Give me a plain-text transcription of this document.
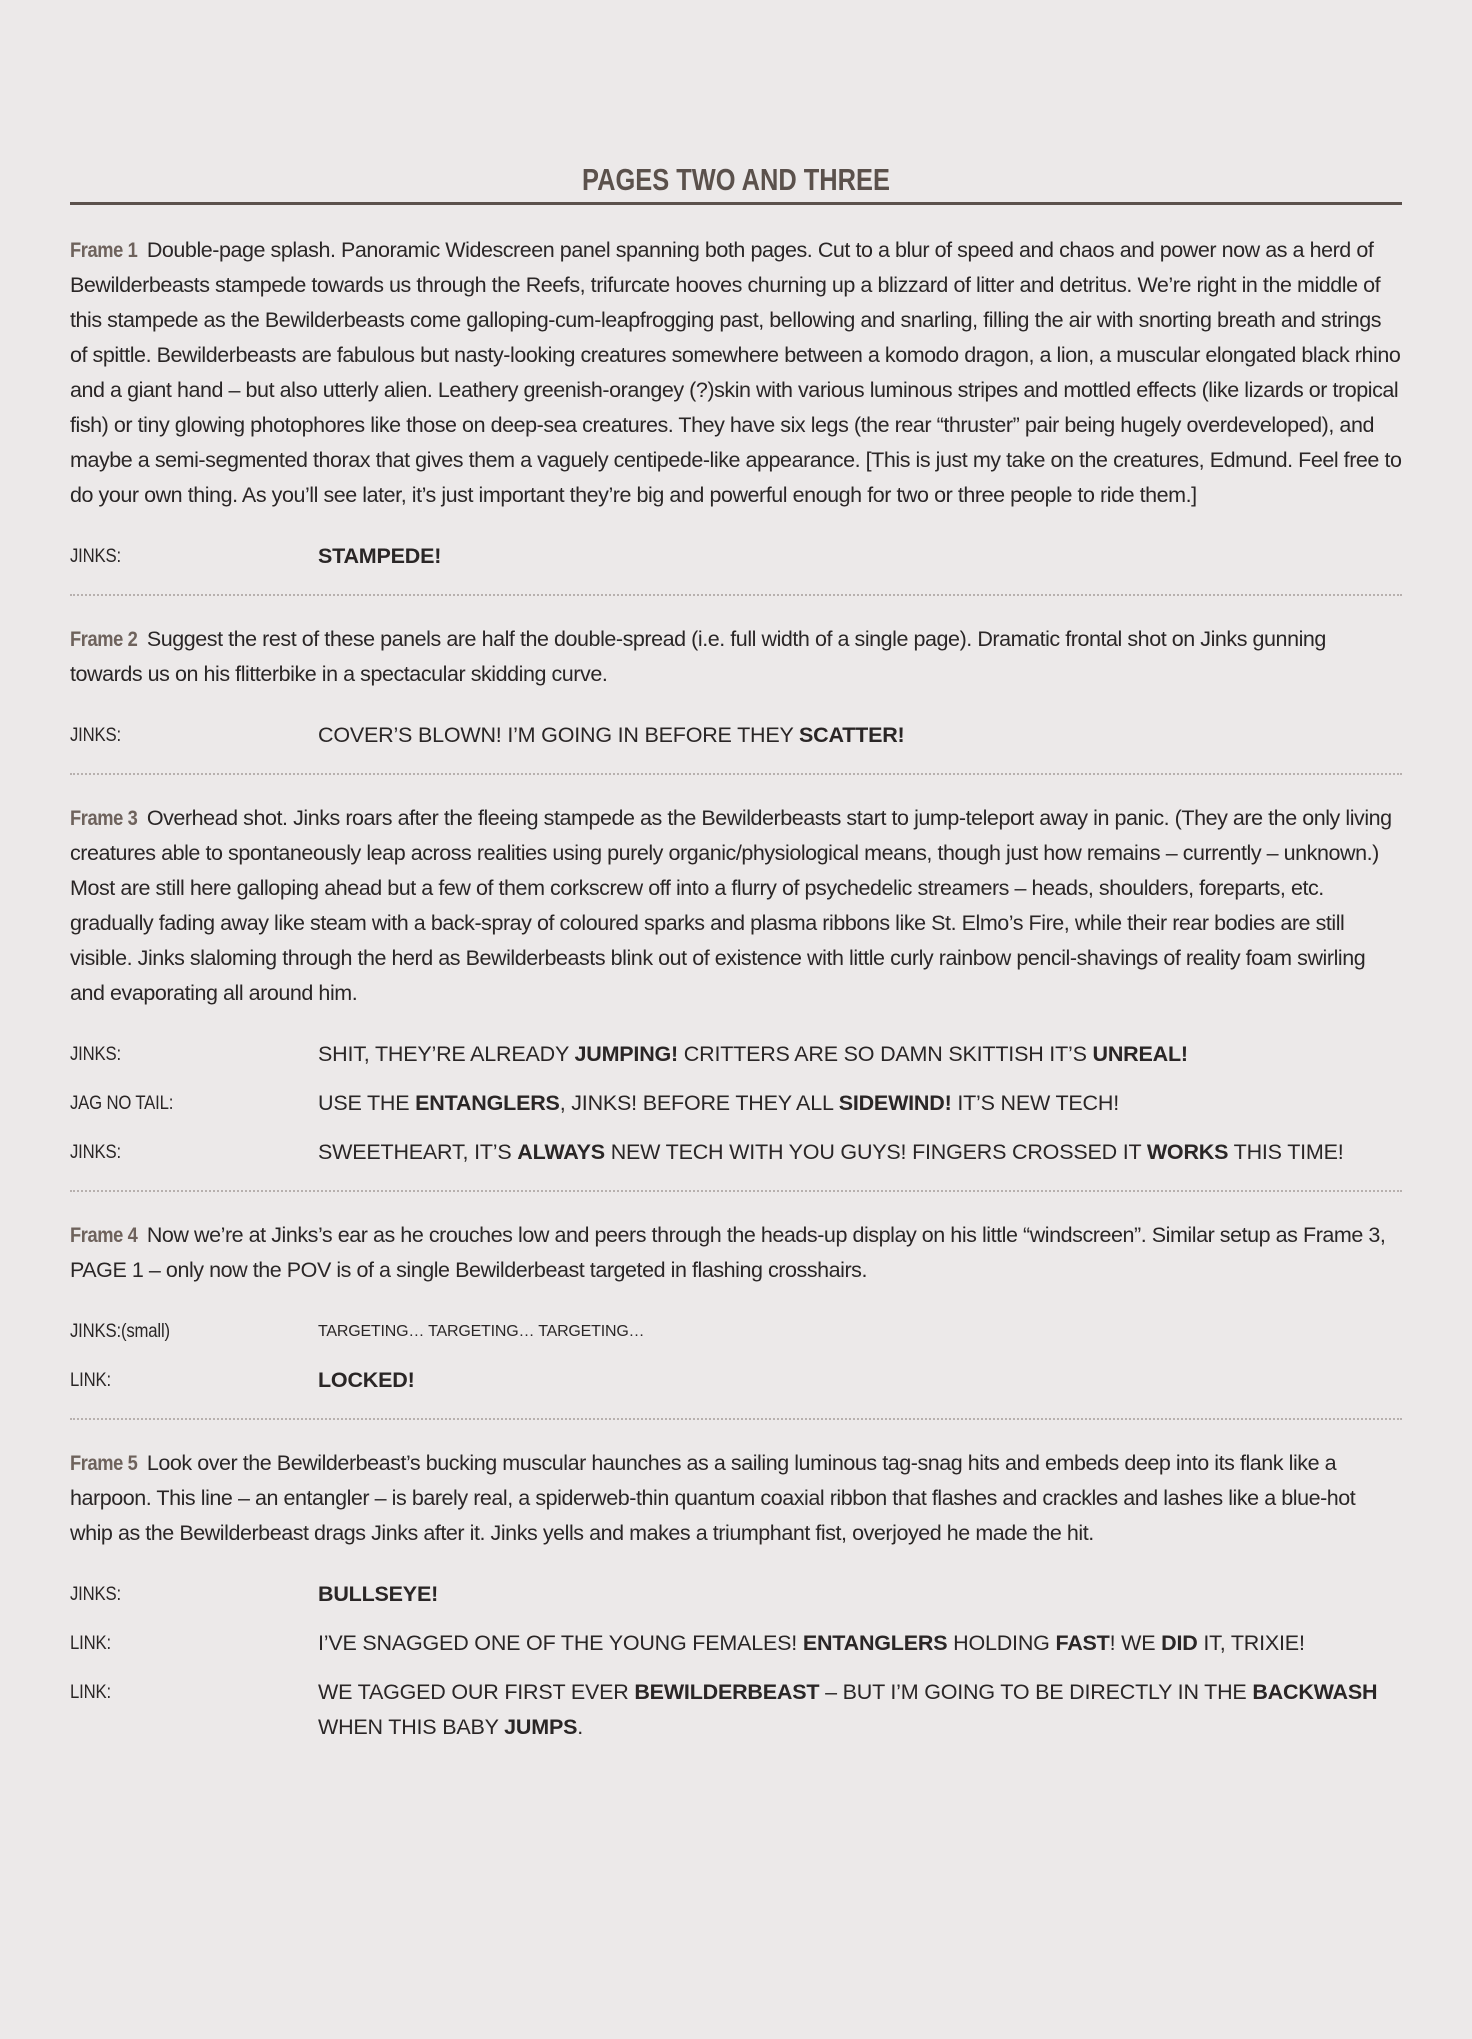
PAGES TWO AND THREE

Frame 1 Double-page splash. Panoramic Widescreen panel spanning both pages. Cut to a blur of speed and chaos and power now as a herd of Bewilderbeasts stampede towards us through the Reefs, trifurcate hooves churning up a blizzard of litter and detritus. We’re right in the middle of this stampede as the Bewilderbeasts come galloping-cum-leapfrogging past, bellowing and snarling, filling the air with snorting breath and strings of spittle. Bewilderbeasts are fabulous but nasty-looking creatures somewhere between a komodo dragon, a lion, a muscular elongated black rhino and a giant hand – but also utterly alien. Leathery greenish-orangey (?)skin with various luminous stripes and mottled effects (like lizards or tropical fish) or tiny glowing photophores like those on deep-sea creatures. They have six legs (the rear “thruster” pair being hugely overdeveloped), and maybe a semi-segmented thorax that gives them a vaguely centipede-like appearance. [This is just my take on the creatures, Edmund. Feel free to do your own thing. As you’ll see later, it’s just important they’re big and powerful enough for two or three people to ride them.]

JINKS:	STAMPEDE!

Frame 2 Suggest the rest of these panels are half the double-spread (i.e. full width of a single page). Dramatic frontal shot on Jinks gunning towards us on his flitterbike in a spectacular skidding curve.

JINKS:	COVER’S BLOWN! I’M GOING IN BEFORE THEY SCATTER!

Frame 3 Overhead shot. Jinks roars after the fleeing stampede as the Bewilderbeasts start to jump-teleport away in panic. (They are the only living creatures able to spontaneously leap across realities using purely organic/physiological means, though just how remains – currently – unknown.) Most are still here galloping ahead but a few of them corkscrew off into a flurry of psychedelic streamers – heads, shoulders, foreparts, etc. gradually fading away like steam with a back-spray of coloured sparks and plasma ribbons like St. Elmo’s Fire, while their rear bodies are still visible. Jinks slaloming through the herd as Bewilderbeasts blink out of existence with little curly rainbow pencil-shavings of reality foam swirling and evaporating all around him.

JINKS:	SHIT, THEY’RE ALREADY JUMPING! CRITTERS ARE SO DAMN SKITTISH IT’S UNREAL!
JAG NO TAIL:	USE THE ENTANGLERS, JINKS! BEFORE THEY ALL SIDEWIND! IT’S NEW TECH!
JINKS:	SWEETHEART, IT’S ALWAYS NEW TECH WITH YOU GUYS! FINGERS CROSSED IT WORKS THIS TIME!

Frame 4 Now we’re at Jinks’s ear as he crouches low and peers through the heads-up display on his little “windscreen”. Similar setup as Frame 3, PAGE 1 – only now the POV is of a single Bewilderbeast targeted in flashing crosshairs.

JINKS:(small)	TARGETING… TARGETING… TARGETING…
LINK:	LOCKED!

Frame 5 Look over the Bewilderbeast’s bucking muscular haunches as a sailing luminous tag-snag hits and embeds deep into its flank like a harpoon. This line – an entangler – is barely real, a spiderweb-thin quantum coaxial ribbon that flashes and crackles and lashes like a blue-hot whip as the Bewilderbeast drags Jinks after it. Jinks yells and makes a triumphant fist, overjoyed he made the hit.

JINKS:	BULLSEYE!
LINK:	I’VE SNAGGED ONE OF THE YOUNG FEMALES! ENTANGLERS HOLDING FAST! WE DID IT, TRIXIE!
LINK:	WE TAGGED OUR FIRST EVER BEWILDERBEAST – BUT I’M GOING TO BE DIRECTLY IN THE BACKWASH WHEN THIS BABY JUMPS.
